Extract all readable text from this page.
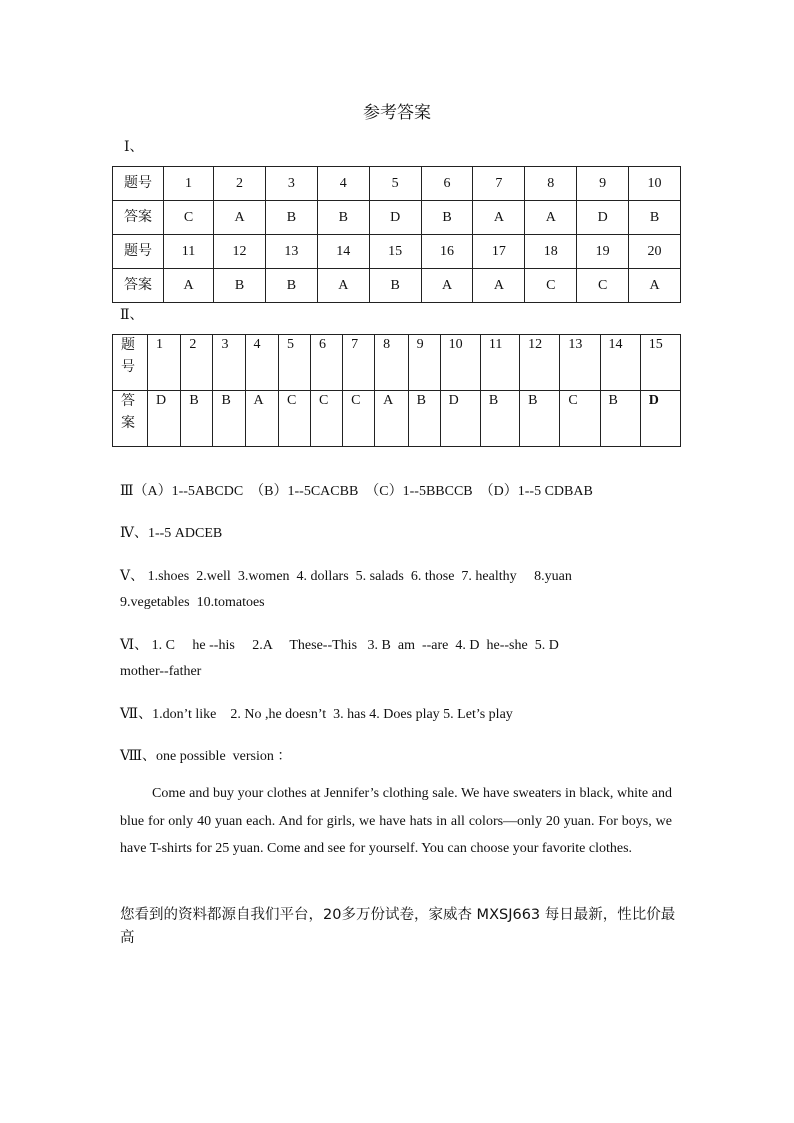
参考答案
Ⅰ、
题号	1	2	3	4	5	6	7	8	9	10
答案	C	A	B	B	D	B	A	A	D	B
题号	11	12	13	14	15	16	17	18	19	20
答案	A	B	B	A	B	A	A	C	C	A
Ⅱ、
题号	1	2	3	4	5	6	7	8	9	10	11	12	13	14	15
答案	D	B	B	A	C	C	C	A	B	D	B	B	C	B	D
Ⅲ（A）1--5ABCDC　（B）1--5CACBB　（C）1--5BBCCB　（D）1--5 CDBAB
Ⅳ、1--5 ADCEB
Ⅴ、 1.shoes  2.well  3.women  4. dollars  5. salads  6. those  7. healthy     8.yuan
9.vegetables  10.tomatoes
Ⅵ、 1. C     he --his     2.A     These--This   3. B  am  --are  4. D  he--she  5. D
mother--father
Ⅶ、1.don’t like    2. No ,he doesn’t  3. has 4. Does play 5. Let’s play
Ⅷ、one possible  version ：
Come and buy your clothes at Jennifer’s clothing sale. We have sweaters in black, white and blue for only 40 yuan each. And for girls, we have hats in all colors—only 20 yuan. For boys, we have T-shirts for 25 yuan. Come and see for yourself. You can choose your favorite clothes.
您看到的资料都源自我们平台，20多万份试卷，家威杏 MXSJ663 每日最新，性比价最高
